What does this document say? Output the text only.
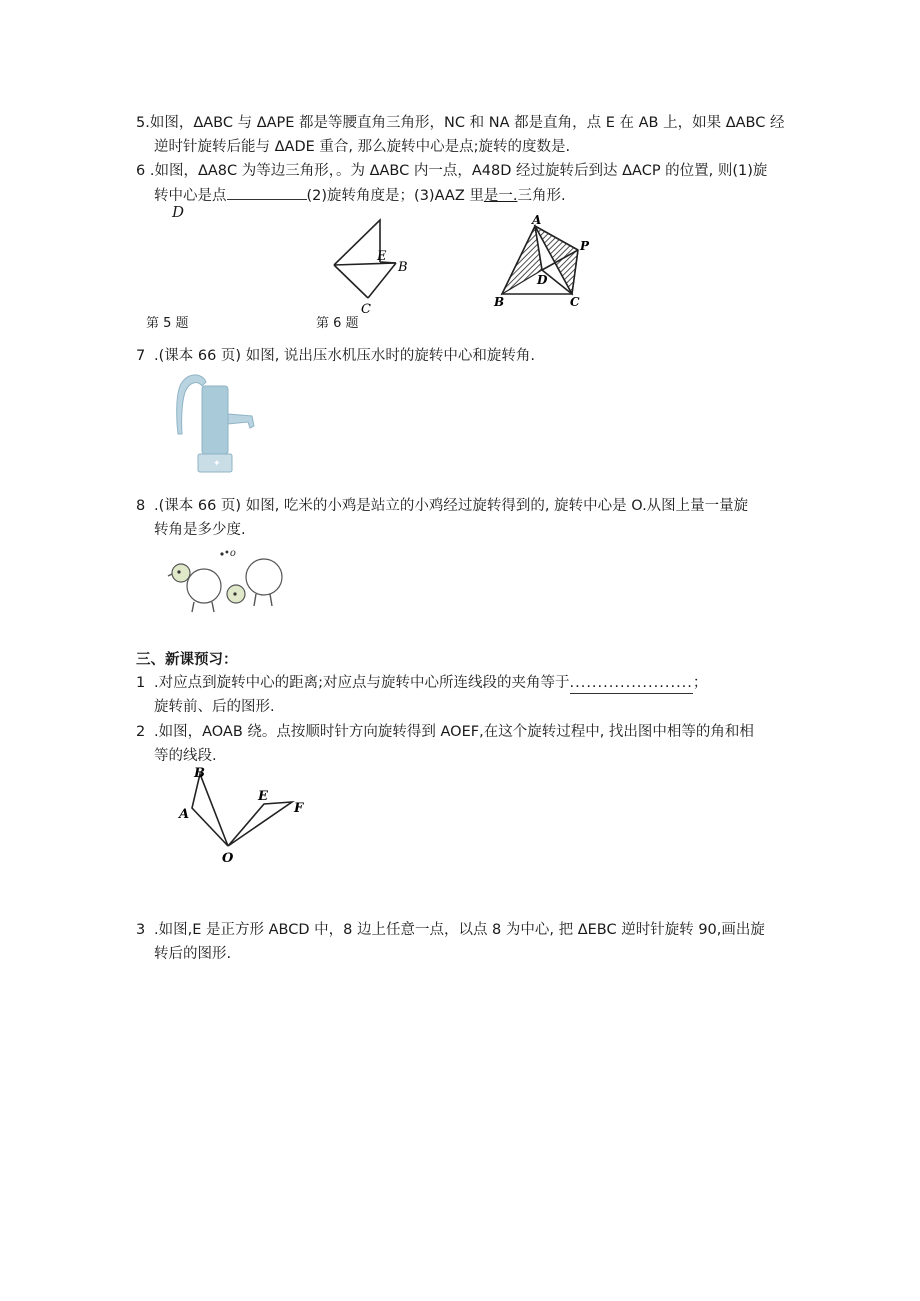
5.如图，ΔABC 与 ΔAPE 都是等腰直角三角形，NC 和 NA 都是直角，点 E 在 AB 上，如果 ΔABC 经
逆时针旋转后能与 ΔADE 重合, 那么旋转中心是点;旋转的度数是.
6 .如图，ΔA8C 为等边三角形，。为 ΔABC 内一点，A48D 经过旋转后到达 ΔACP 的位置, 则(1)旋
转中心是点	(2)旋转角度是；(3)AAZ 里是一.三角形.
D
E
B
C
A
P
D
B	C
第 5 题	第 6 题
7 .(课本 66 页) 如图, 说出压水机压水时的旋转中心和旋转角.
✦
8 .(课本 66 页) 如图, 吃米的小鸡是站立的小鸡经过旋转得到的, 旋转中心是 O.从图上量一量旋
转角是多少度.
•o
三、新课预习：
1 .对应点到旋转中心的距离;对应点与旋转中心所连线段的夹角等于......................；
旋转前、后的图形.
2 .如图，AOAB 绕。点按顺时针方向旋转得到 AOEF,在这个旋转过程中, 找出图中相等的角和相
等的线段.
B
A
E
F
O
3 .如图,E 是正方形 ABCD 中，8 边上任意一点，以点 8 为中心, 把 ΔEBC 逆时针旋转 90,画出旋
转后的图形.
